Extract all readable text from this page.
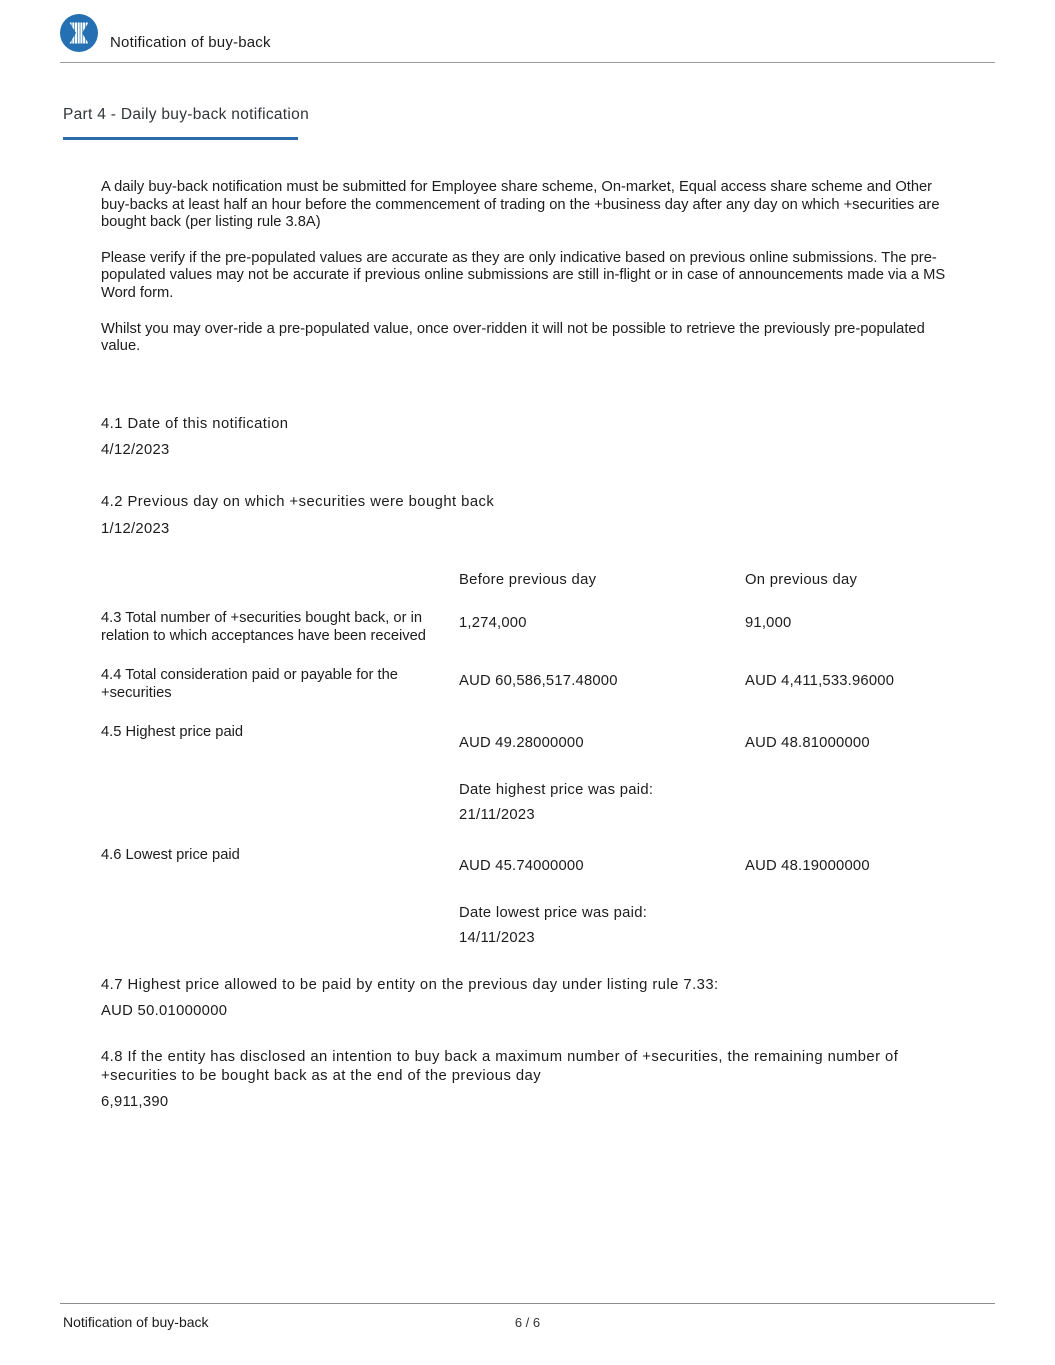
Notification of buy-back
Part 4 - Daily buy-back notification

A daily buy-back notification must be submitted for Employee share scheme, On-market, Equal access share scheme and Other buy-backs at least half an hour before the commencement of trading on the +business day after any day on which +securities are bought back (per listing rule 3.8A)

Please verify if the pre-populated values are accurate as they are only indicative based on previous online submissions. The pre-populated values may not be accurate if previous online submissions are still in-flight or in case of announcements made via a MS Word form.

Whilst you may over-ride a pre-populated value, once over-ridden it will not be possible to retrieve the previously pre-populated value.

4.1 Date of this notification
4/12/2023
4.2 Previous day on which +securities were bought back
1/12/2023
Before previous day	On previous day
4.3 Total number of +securities bought back, or in relation to which acceptances have been received
1,274,000	91,000
4.4 Total consideration paid or payable for the +securities
AUD 60,586,517.48000	AUD 4,411,533.96000
4.5 Highest price paid
AUD 49.28000000	AUD 48.81000000
Date highest price was paid:
21/11/2023
4.6 Lowest price paid
AUD 45.74000000	AUD 48.19000000
Date lowest price was paid:
14/11/2023
4.7 Highest price allowed to be paid by entity on the previous day under listing rule 7.33:
AUD 50.01000000
4.8 If the entity has disclosed an intention to buy back a maximum number of +securities, the remaining number of +securities to be bought back as at the end of the previous day
6,911,390
Notification of buy-back	6 / 6
